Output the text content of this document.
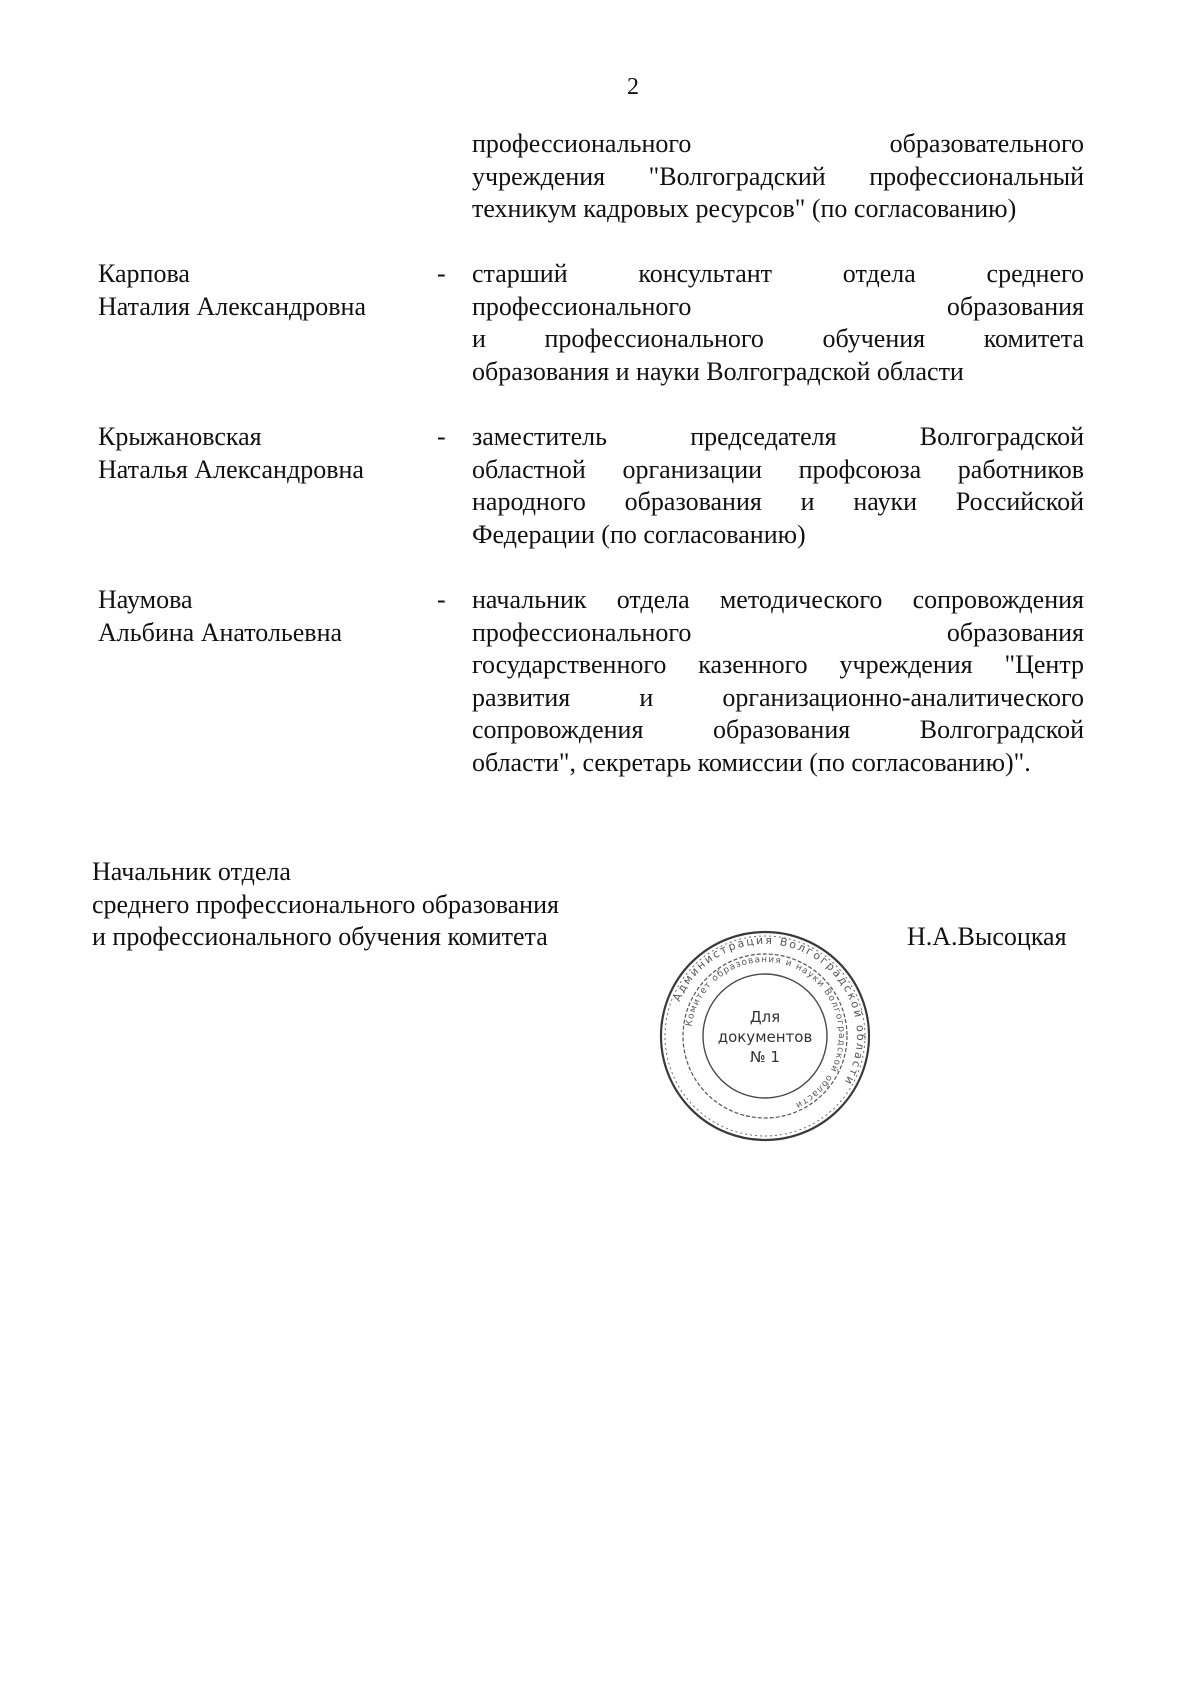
2
профессионального образовательного
учреждения "Волгоградский профессиональный
техникум кадровых ресурсов" (по согласованию)
Карпова
Наталия Александровна
- старший консультант отдела среднего
профессионального образования
и профессионального обучения комитета
образования и науки Волгоградской области
Крыжановская
Наталья Александровна
- заместитель председателя Волгоградской
областной организации профсоюза работников
народного образования и науки Российской
Федерации (по согласованию)
Наумова
Альбина Анатольевна
- начальник отдела методического сопровождения
профессионального образования
государственного казенного учреждения "Центр
развития и организационно-аналитического
сопровождения образования Волгоградской
области", секретарь комиссии (по согласованию)".
Начальник отдела
среднего профессионального образования
и профессионального обучения комитета	Н.А.Высоцкая
Администрация Волгоградской области
Комитет образования и науки Волгоградской области
Для
документов
№ 1
